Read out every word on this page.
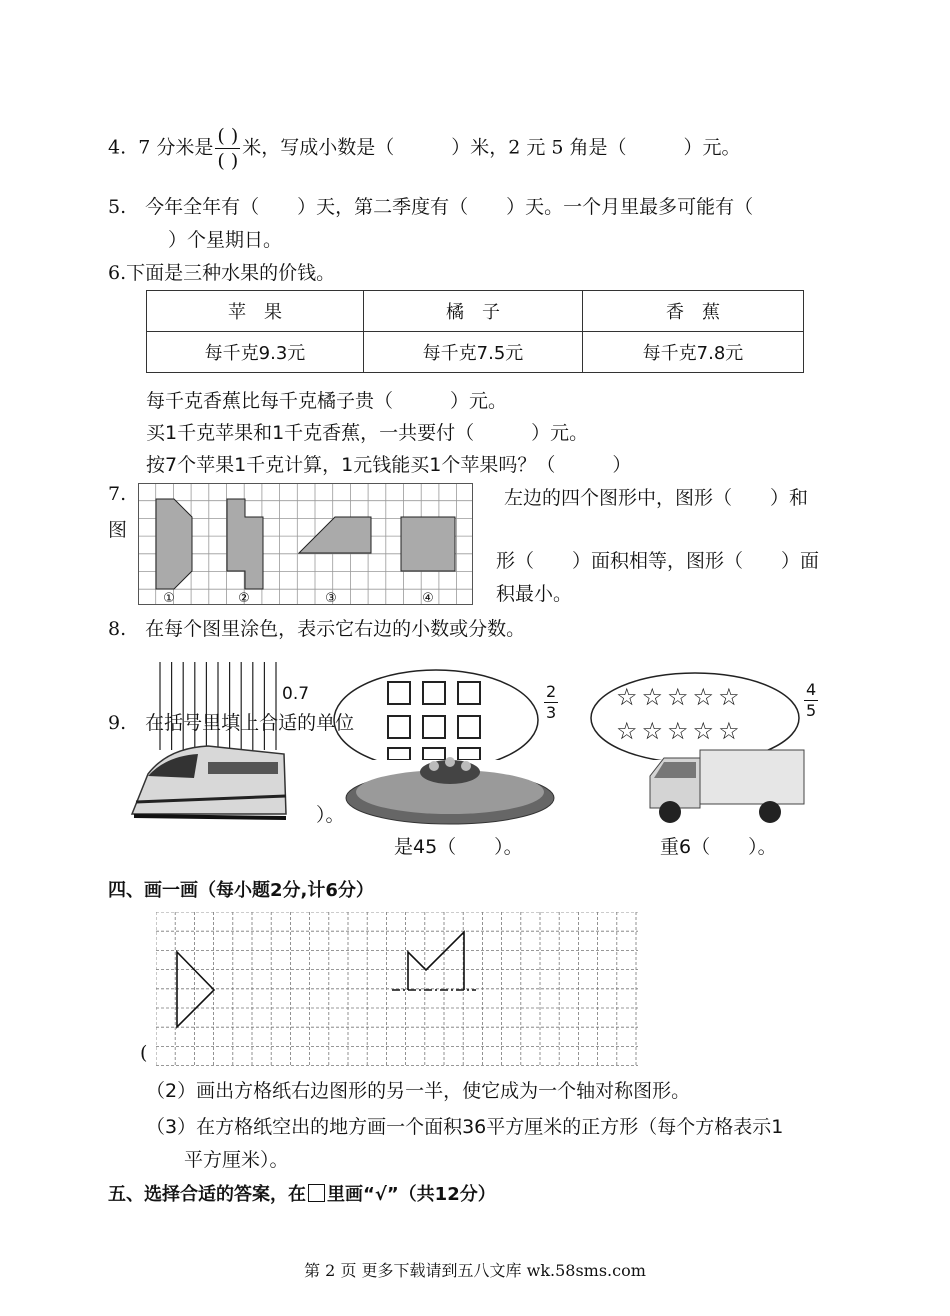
4. 7 分米是 $\frac{( )}{( )}$ 米，写成小数是（　　　）米，2 元 5 角是（　　　）元。
5.　今年全年有（　　）天，第二季度有（　　）天。一个月里最多可能有（
）个星期日。
6.下面是三种水果的价钱。
苹　果	橘　子	香　蕉
每千克9.3元	每千克7.5元	每千克7.8元
每千克香蕉比每千克橘子贵（　　　）元。
买1千克苹果和1千克香蕉，一共要付（　　　）元。
按7个苹果1千克计算，1元钱能买1个苹果吗？（　　　）
7.
图
①	②	③	④
左边的四个图形中，图形（　　）和
形（　　）面积相等，图形（　　）面
积最小。
8.　在每个图里涂色，表示它右边的小数或分数。
0.7	$\frac{2}{3}$ ☆☆☆☆☆
☆☆☆☆☆
$\frac{4}{5}$
9.　在括号里填上合适的单位
）。
是45（　　）。	重6（　　）。
四、画一画（每小题2分,计6分）
(
（2）画出方格纸右边图形的另一半，使它成为一个轴对称图形。
（3）在方格纸空出的地方画一个面积36平方厘米的正方形（每个方格表示1
平方厘米）。
五、选择合适的答案，在 里画“√”（共12分）
第 2 页 更多下载请到五八文库 wk.58sms.com
